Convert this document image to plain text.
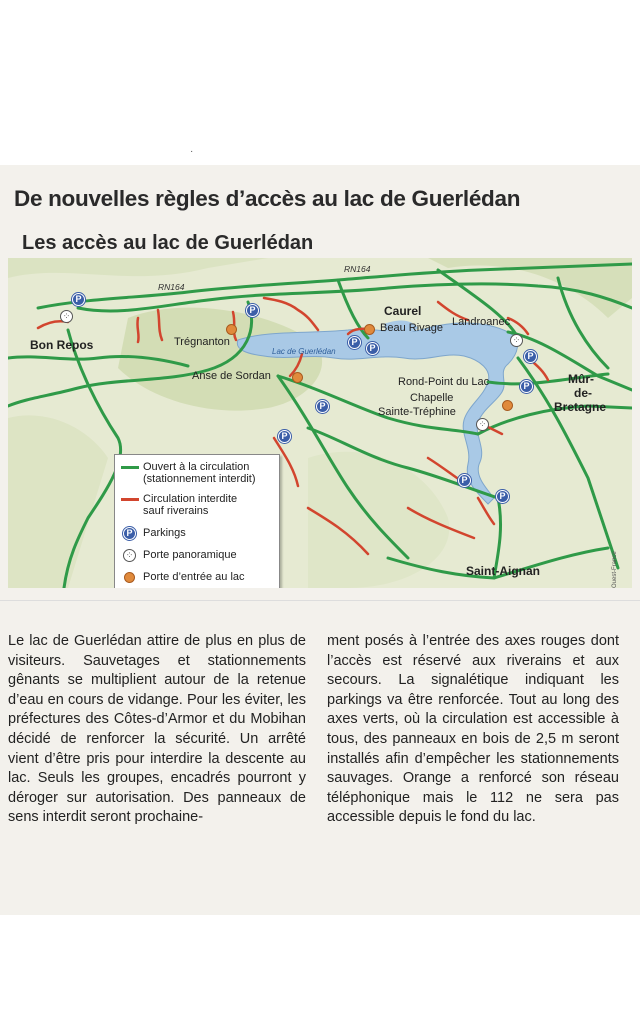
·
De nouvelles règles d’accès au lac de Guerlédan
Les accès au lac de Guerlédan
RN164
RN164
Lac de Guerlédan
Bon Repos	Trégnanton
Anse de Sordan
Caurel
Beau Rivage Landroanec
Rond-Point du Lac
Chapelle
Sainte-Tréphine
Mûr-
de-
Bretagne
Saint-Aignan
P
P
P
P
P
P
P
P
P
P
⁘
⁘
⁘
Ouest-France
Ouvert à la circulation
(stationnement interdit)
Circulation interdite
sauf riverains
P Parkings
⁘ Porte panoramique
Porte d’entrée au lac
Le lac de Guerlédan attire de plus en plus de visiteurs. Sauvetages et stationnements gênants se multiplient autour de la retenue d’eau en cours de vidange. Pour les éviter, les préfectures des Côtes-d’Armor et du Mobihan décidé de renforcer la sécurité. Un arrêté vient d’être pris pour interdire la descente au lac. Seuls les groupes, encadrés pourront y déroger sur autorisation. Des panneaux de sens interdit seront prochaine-
ment posés à l’entrée des axes rouges dont l’accès est réservé aux riverains et aux secours. La signalétique indiquant les parkings va être renforcée. Tout au long des axes verts, où la circulation est accessible à tous, des panneaux en bois de 2,5 m seront installés afin d’empêcher les stationnements sauvages. Orange a renforcé son réseau téléphonique mais le 112 ne sera pas accessible depuis le fond du lac.
